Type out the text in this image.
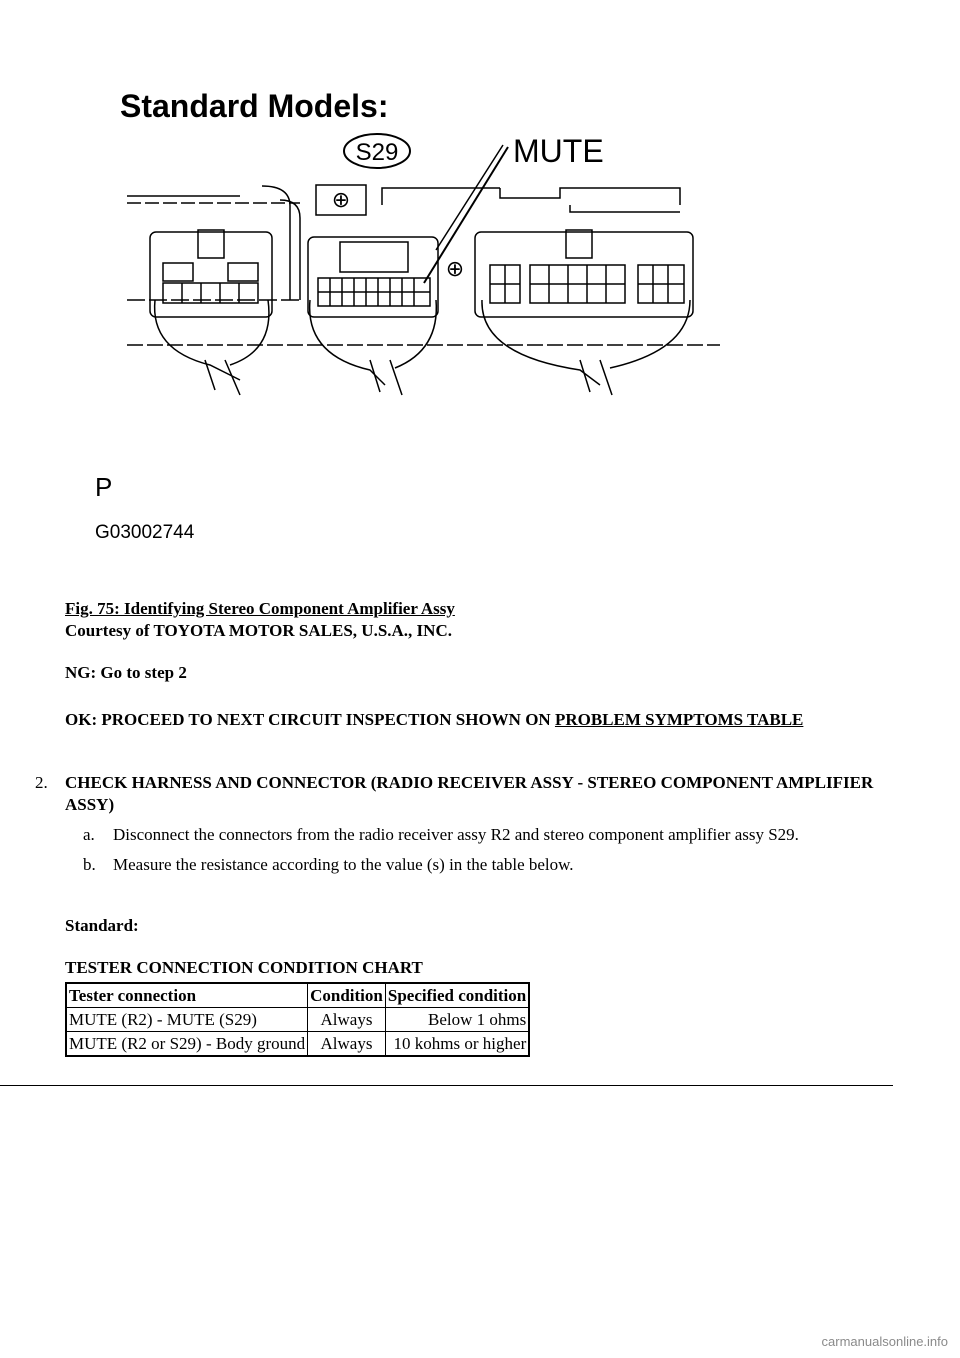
Standard Models:
S29	MUTE
⊕
⊕
P
G03002744
Fig. 75: Identifying Stereo Component Amplifier Assy
Courtesy of TOYOTA MOTOR SALES, U.S.A., INC.
NG: Go to step 2
OK: PROCEED TO NEXT CIRCUIT INSPECTION SHOWN ON PROBLEM SYMPTOMS TABLE
2.	CHECK HARNESS AND CONNECTOR (RADIO RECEIVER ASSY - STEREO COMPONENT AMPLIFIER ASSY)
a. Disconnect the connectors from the radio receiver assy R2 and stereo component amplifier assy S29.
b. Measure the resistance according to the value (s) in the table below.
Standard:
TESTER CONNECTION CONDITION CHART
Tester connection	Condition	Specified condition
MUTE (R2) - MUTE (S29)	Always	Below 1 ohms
MUTE (R2 or S29) - Body ground	Always	10 kohms or higher
carmanualsonline.info
